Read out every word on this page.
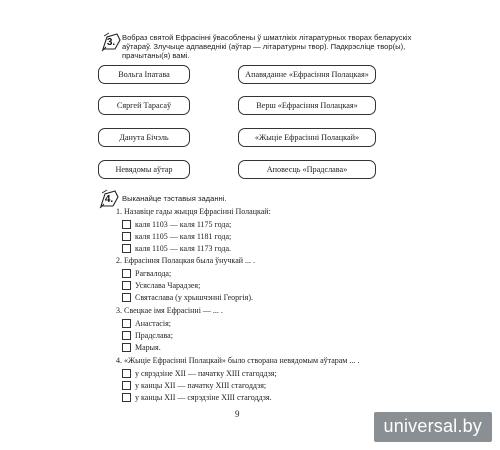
3. Вобраз святой Ефрасінні ўвасоблены ў шматлікіх літаратурных творах беларускіх
аўтараў. Злучыце адпаведнікі (аўтар — літаратурны твор). Падкрэсліце твор(ы),
прачытаны(я) вамі.
Вольга Іпатава
Сяргей Тарасаў
Данута Бічэль
Невядомы аўтар
Апавяданне «Ефрасіння Полацкая»
Верш «Ефрасіння Полацкая»
«Жыціе Ефрасінні Полацкай»
Аповесць «Прадслава»
4. Выканайце тэставыя заданні.
1. Назавіце гады жыцця Ефрасінні Полацкай:
каля 1103 — каля 1175 года;
каля 1105 — каля 1181 года;
каля 1105 — каля 1173 года.
2. Ефрасіння Полацкая была ўнучкай ... .
Рагвалода;
Усяслава Чарадзея;
Святаслава (у хрышчэнні Георгія).
3. Свецкае імя Ефрасінні — ... .
Анастасія;
Прадслава;
Марыя.
4. «Жыціе Ефрасінні Полацкай» было створана невядомым аўтарам ... .
у сярэдзіне ХІІ — пачатку ХІІІ стагоддзя;
у канцы ХІІ — пачатку ХІІІ стагоддзя;
у канцы ХІІ — сярэдзіне ХІІІ стагоддзя.
9
universal.by
